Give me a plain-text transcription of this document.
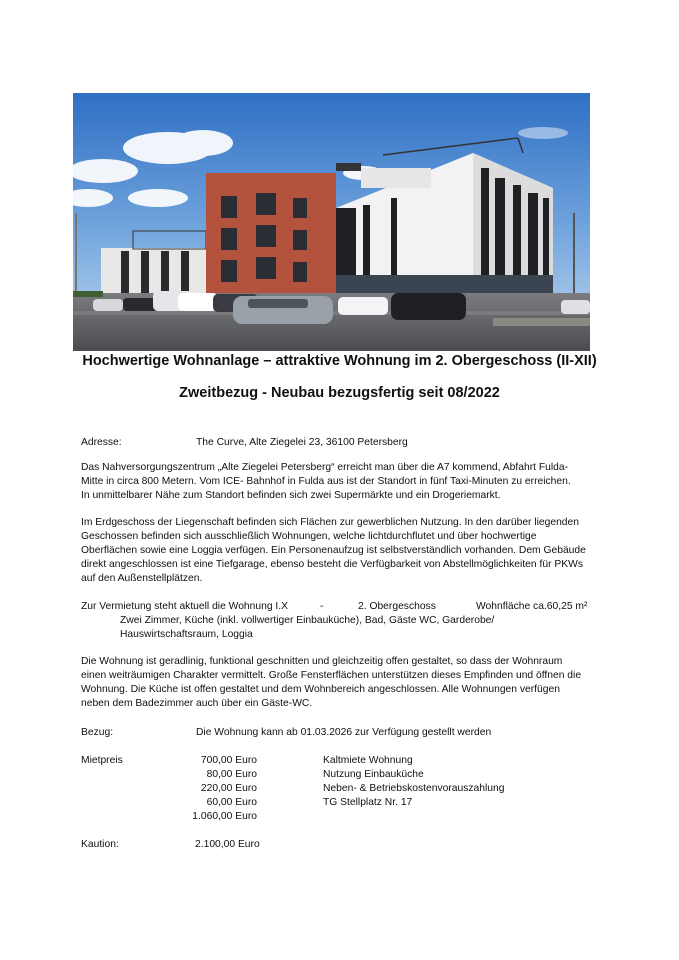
Hochwertige Wohnanlage – attraktive Wohnung im 2. Obergeschoss (II-XII)
Zweitbezug - Neubau bezugsfertig seit 08/2022
Adresse:	The Curve, Alte Ziegelei 23, 36100 Petersberg
Das Nahversorgungszentrum „Alte Ziegelei Petersberg“ erreicht man über die A7 kommend, Abfahrt Fulda-
Mitte in circa 800 Metern. Vom ICE- Bahnhof in Fulda aus ist der Standort in fünf Taxi-Minuten zu erreichen.
In unmittelbarer Nähe zum Standort befinden sich zwei Supermärkte und ein Drogeriemarkt.
Im Erdgeschoss der Liegenschaft befinden sich Flächen zur gewerblichen Nutzung. In den darüber liegenden
Geschossen befinden sich ausschließlich Wohnungen, welche lichtdurchflutet und über hochwertige
Oberflächen sowie eine Loggia verfügen. Ein Personenaufzug ist selbstverständlich vorhanden. Dem Gebäude
direkt angeschlossen ist eine Tiefgarage, ebenso besteht die Verfügbarkeit von Abstellmöglichkeiten für PKWs
auf den Außenstellplätzen.
Zur Vermietung steht aktuell die Wohnung I.X	-	2. Obergeschoss	Wohnfläche ca.60,25 m²
Zwei Zimmer, Küche (inkl. vollwertiger Einbauküche), Bad, Gäste WC, Garderobe/
Hauswirtschaftsraum, Loggia
Die Wohnung ist geradlinig, funktional geschnitten und gleichzeitig offen gestaltet, so dass der Wohnraum
einen weiträumigen Charakter vermittelt. Große Fensterflächen unterstützen dieses Empfinden und öffnen die
Wohnung. Die Küche ist offen gestaltet und dem Wohnbereich angeschlossen. Alle Wohnungen verfügen
neben dem Badezimmer auch über ein Gäste-WC.
Bezug:	Die Wohnung kann ab 01.03.2026 zur Verfügung gestellt werden
Mietpreis	700,00 Euro	Kaltmiete Wohnung
80,00 Euro	Nutzung Einbauküche
220,00 Euro	Neben- & Betriebskostenvorauszahlung
60,00 Euro	TG Stellplatz Nr. 17
1.060,00 Euro
Kaution:	2.100,00 Euro
